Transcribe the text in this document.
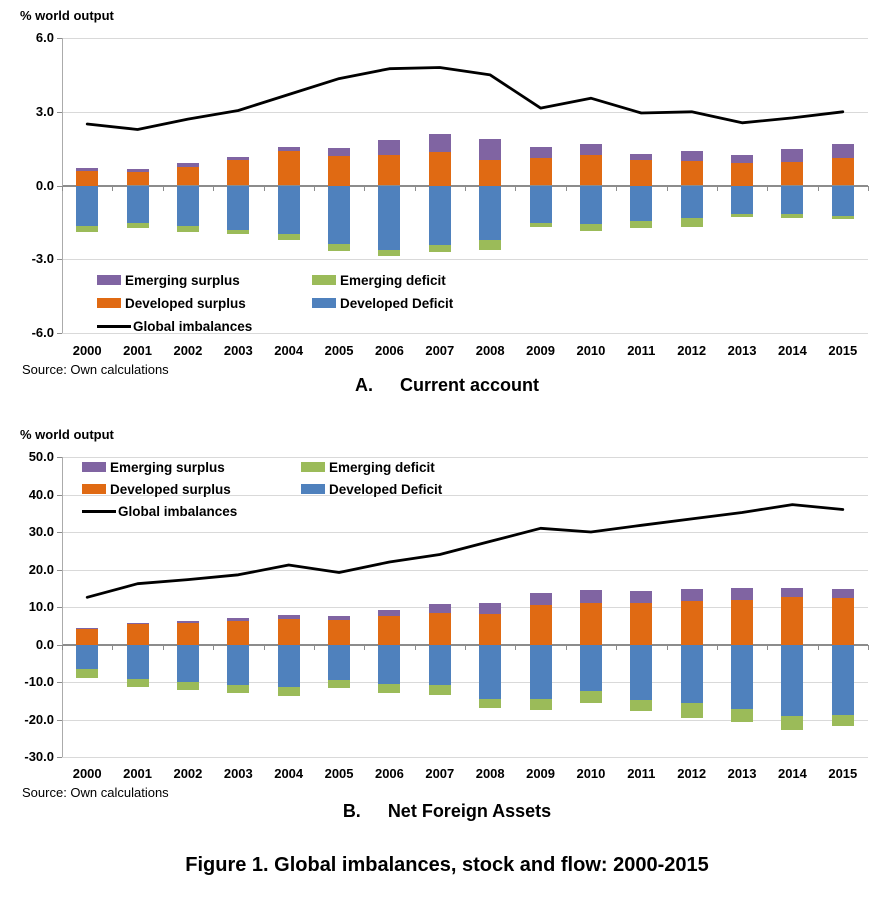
% world output
Source: Own calculations
A. Current account
% world output
Source: Own calculations
B. Net Foreign Assets
Figure 1. Global imbalances, stock and flow: 2000-2015
6.0
3.0
0.0
-3.0
-6.0
2000	2001	2002	2003	2004	2005	2006	2007	2008	2009	2010	2011	2012	2013	2014	2015
Emerging surplus	Emerging deficit
Developed surplus	Developed Deficit
Global imbalances
50.0
40.0
30.0
20.0
10.0
0.0
-10.0
-20.0
-30.0
2000	2001	2002	2003	2004	2005	2006	2007	2008	2009	2010	2011	2012	2013	2014	2015
Emerging surplus	Emerging deficit
Developed surplus	Developed Deficit
Global imbalances
